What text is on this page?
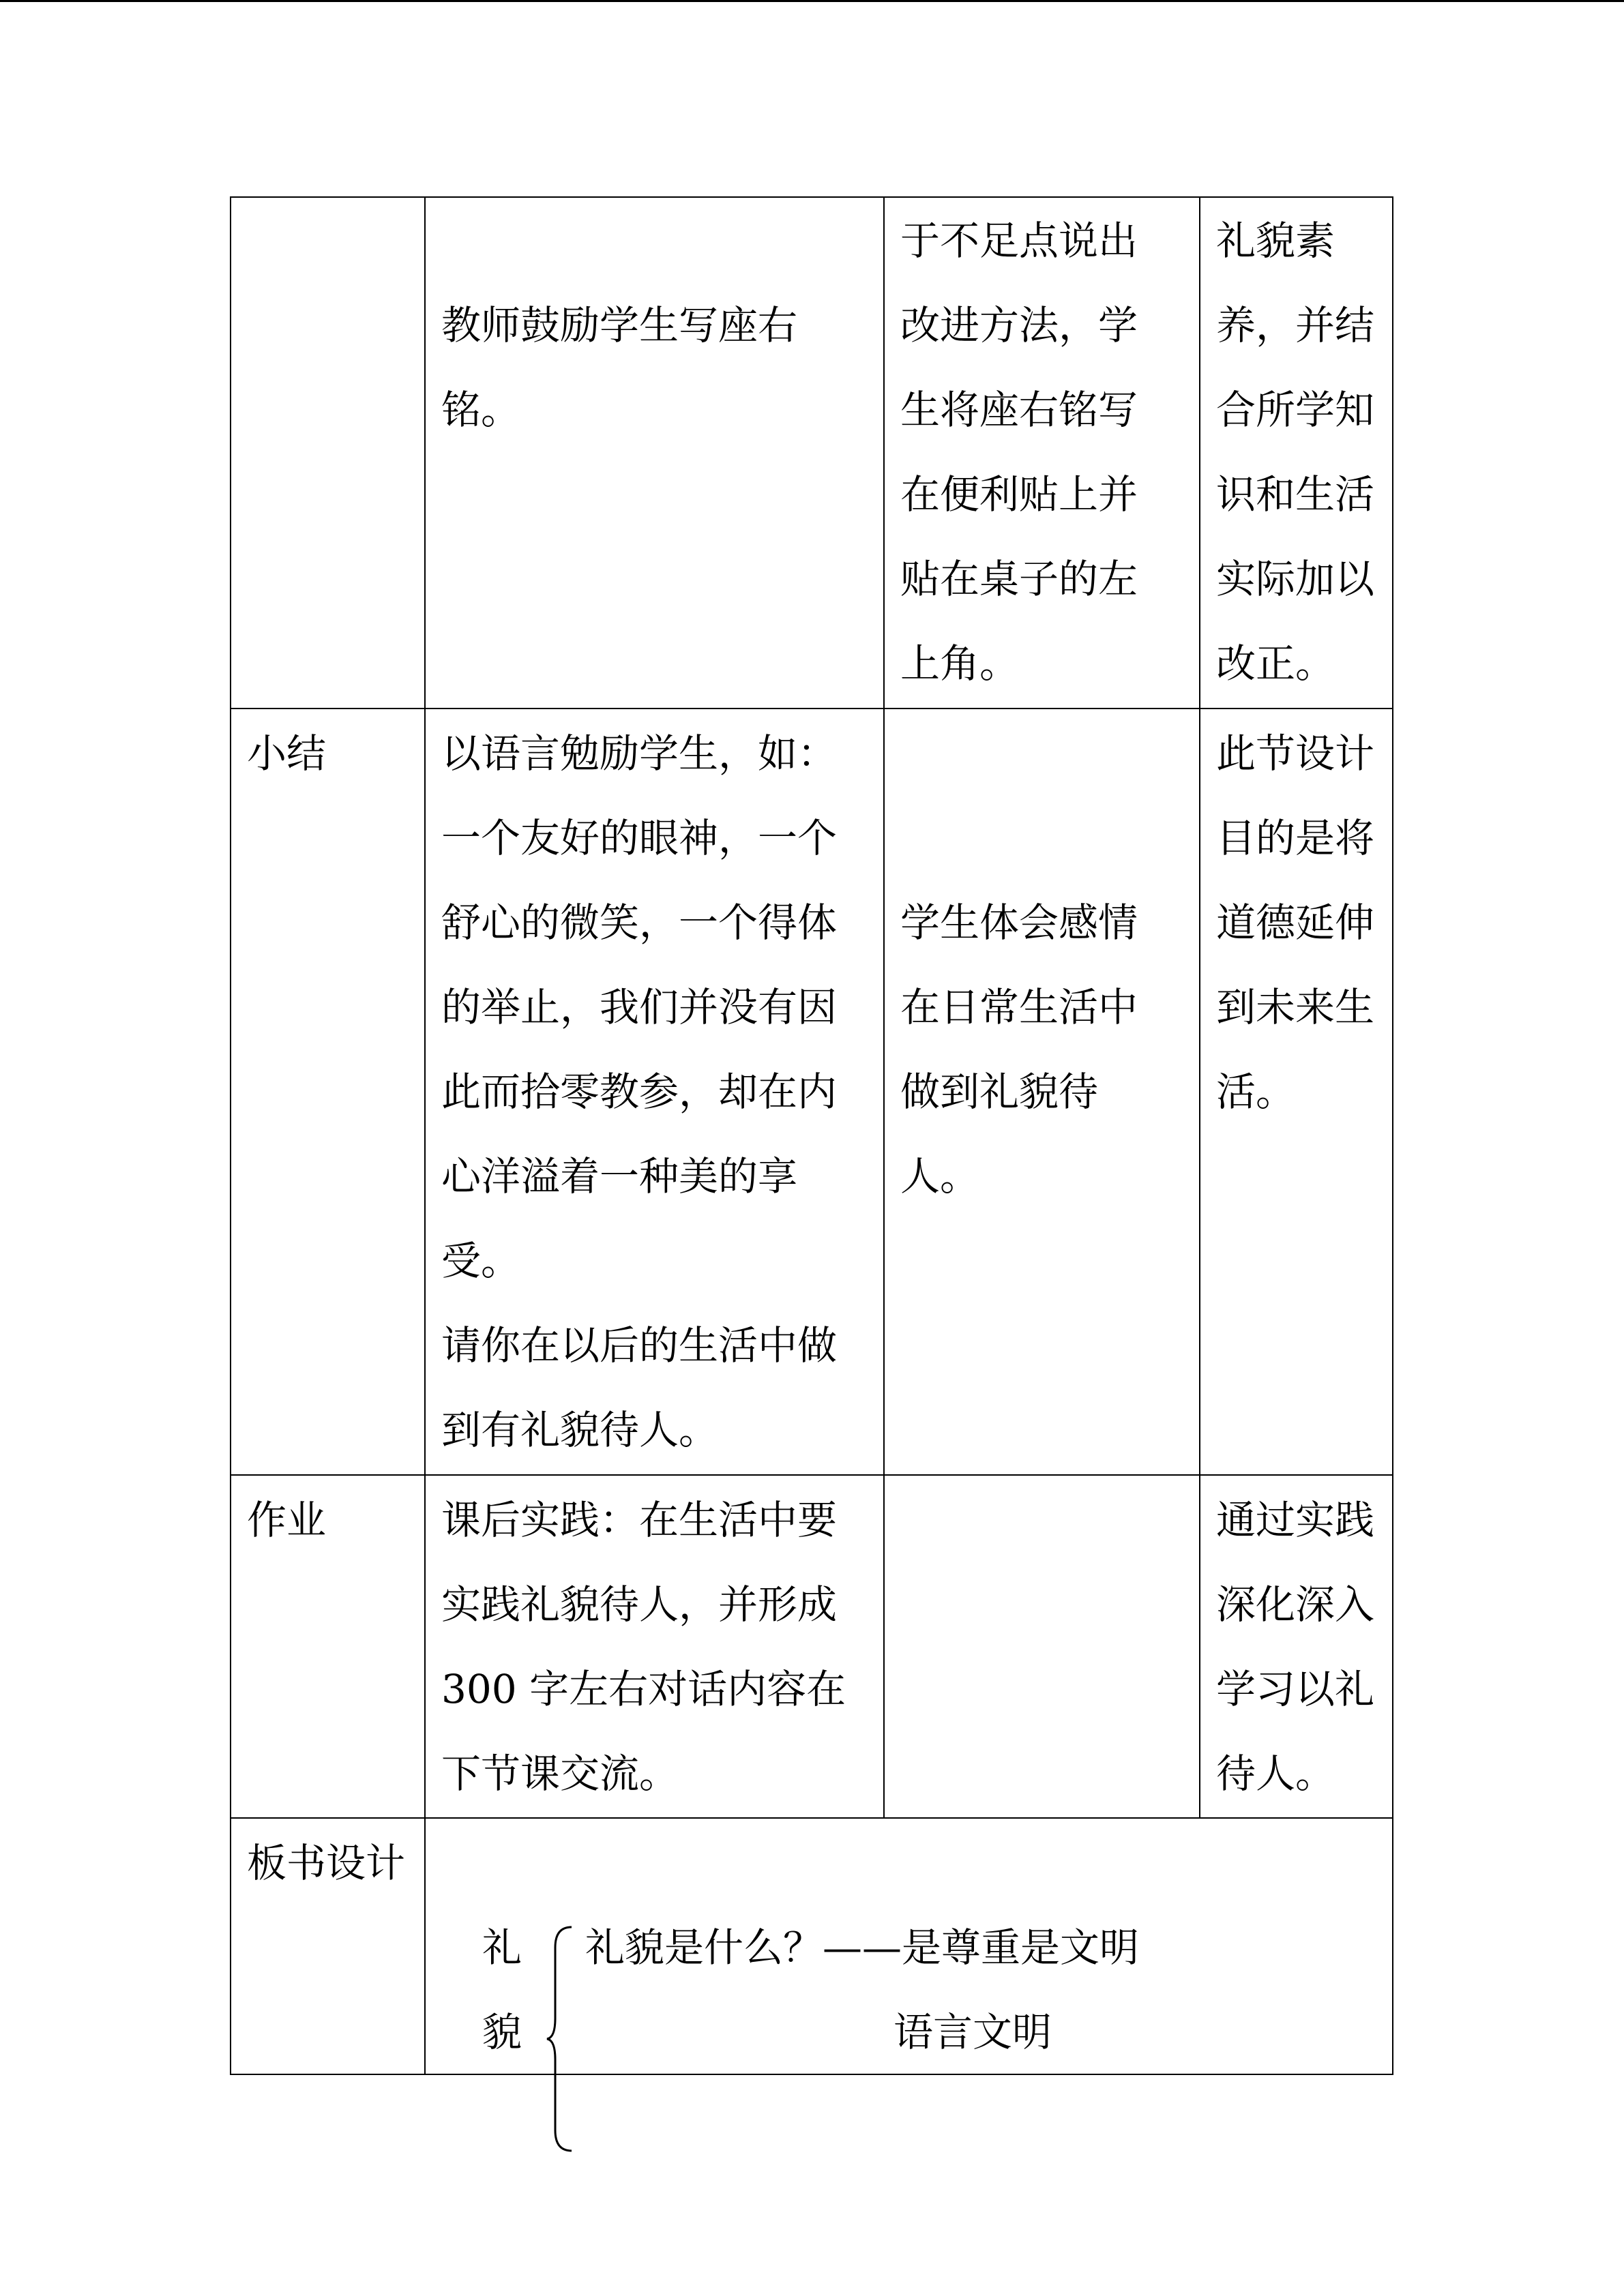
教师鼓励学生写座右
铭。
于不足点说出
改进方法，学
生将座右铭写
在便利贴上并
贴在桌子的左
上角。
礼貌素
养，并结
合所学知
识和生活
实际加以
改正。
小结	以语言勉励学生，如：
一个友好的眼神，一个
舒心的微笑，一个得体
的举止，我们并没有因
此而拾零教参，却在内
心洋溢着一种美的享
受。
请你在以后的生活中做
到有礼貌待人。
学生体会感情
在日常生活中
做到礼貌待
人。
此节设计
目的是将
道德延伸
到未来生
活。
作业	课后实践：在生活中要
实践礼貌待人，并形成
300 字左右对话内容在
下节课交流。
通过实践
深化深入
学习以礼
待人。
板书设计
礼
貌
礼貌是什么？——是尊重是文明
语言文明
